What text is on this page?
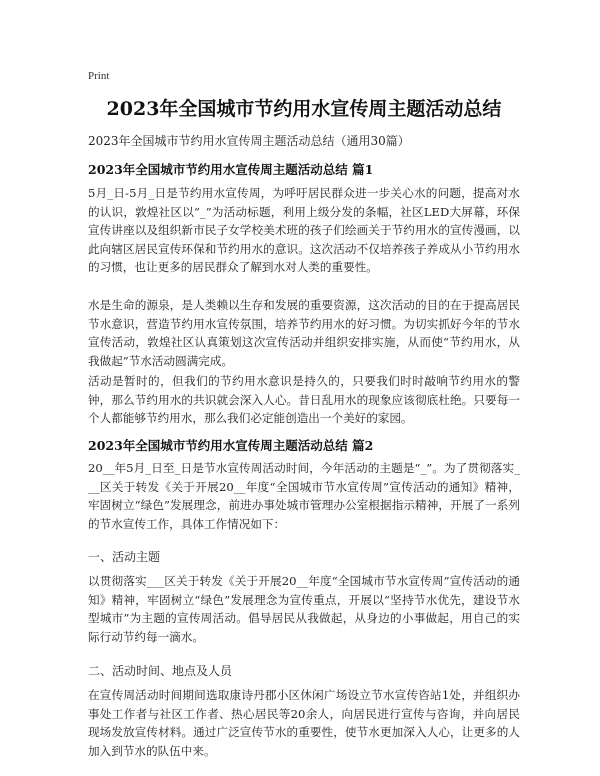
Print
2023年全国城市节约用水宣传周主题活动总结
2023年全国城市节约用水宣传周主题活动总结（通用30篇）
2023年全国城市节约用水宣传周主题活动总结 篇1

5月_日-5月_日是节约用水宣传周，为呼吁居民群众进一步关心水的问题，提高对水的认识，敦煌社区以“_”为活动标题，利用上级分发的条幅，社区LED大屏幕，环保宣传讲座以及组织新市民子女学校美术班的孩子们绘画关于节约用水的宣传漫画，以此向辖区居民宣传环保和节约用水的意识。这次活动不仅培养孩子养成从小节约用水的习惯，也让更多的居民群众了解到水对人类的重要性。

水是生命的源泉，是人类赖以生存和发展的重要资源，这次活动的目的在于提高居民节水意识，营造节约用水宣传氛围，培养节约用水的好习惯。为切实抓好今年的节水宣传活动，敦煌社区认真策划这次宣传活动并组织安排实施，从而使“节约用水，从我做起”节水活动圆满完成。

活动是暂时的，但我们的节约用水意识是持久的，只要我们时时敲响节约用水的警钟，那么节约用水的共识就会深入人心。昔日乱用水的现象应该彻底杜绝。只要每一个人都能够节约用水，那么我们必定能创造出一个美好的家园。

2023年全国城市节约用水宣传周主题活动总结 篇2

20__年5月_日至_日是节水宣传周活动时间，今年活动的主题是“_”。为了贯彻落实___区关于转发《关于开展20__年度“全国城市节水宣传周”宣传活动的通知》精神，牢固树立“绿色”发展理念，前进办事处城市管理办公室根据指示精神，开展了一系列的节水宣传工作，具体工作情况如下：

一、活动主题

以贯彻落实___区关于转发《关于开展20__年度“全国城市节水宣传周”宣传活动的通知》精神，牢固树立“绿色”发展理念为宣传重点，开展以“坚持节水优先，建设节水型城市”为主题的宣传周活动。倡导居民从我做起，从身边的小事做起，用自己的实际行动节约每一滴水。

二、活动时间、地点及人员

在宣传周活动时间期间选取康诗丹郡小区休闲广场设立节水宣传咨站1处，并组织办事处工作者与社区工作者、热心居民等20余人，向居民进行宣传与咨询，并向居民现场发放宣传材料。通过广泛宣传节水的重要性，使节水更加深入人心，让更多的人加入到节水的队伍中来。
